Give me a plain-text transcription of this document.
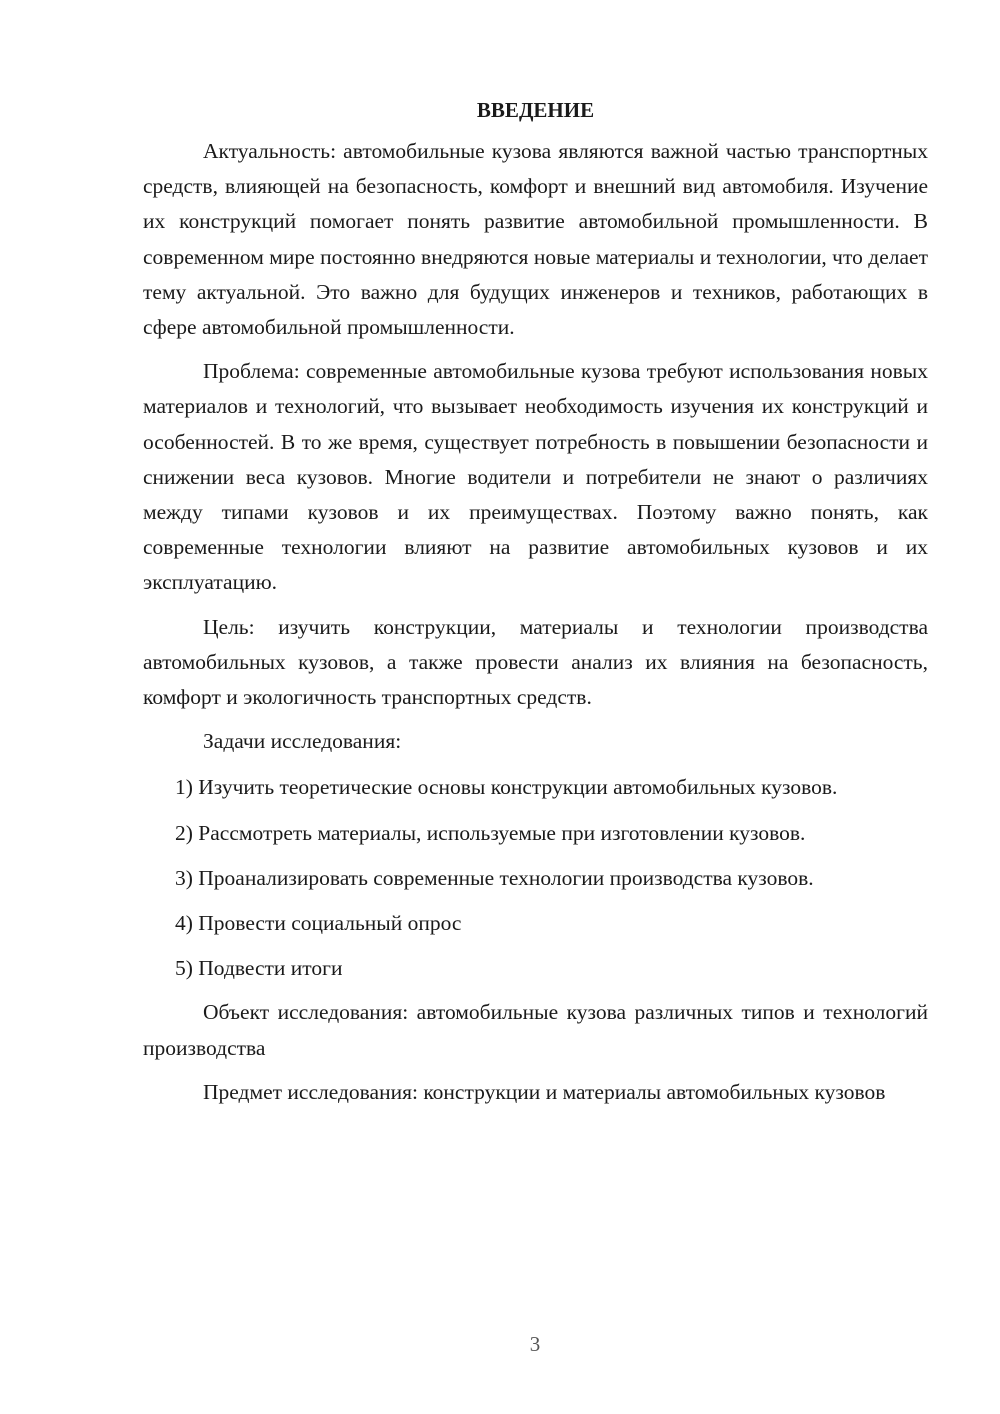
ВВЕДЕНИЕ

Актуальность: автомобильные кузова являются важной частью транспортных средств, влияющей на безопасность, комфорт и внешний вид автомобиля. Изучение их конструкций помогает понять развитие автомобильной промышленности. В современном мире постоянно внедряются новые материалы и технологии, что делает тему актуальной. Это важно для будущих инженеров и техников, работающих в сфере автомобильной промышленности.

Проблема: современные автомобильные кузова требуют использования новых материалов и технологий, что вызывает необходимость изучения их конструкций и особенностей. В то же время, существует потребность в повышении безопасности и снижении веса кузовов. Многие водители и потребители не знают о различиях между типами кузовов и их преимуществах. Поэтому важно понять, как современные технологии влияют на развитие автомобильных кузовов и их эксплуатацию.

Цель: изучить конструкции, материалы и технологии производства автомобильных кузовов, а также провести анализ их влияния на безопасность, комфорт и экологичность транспортных средств.

Задачи исследования:

1) Изучить теоретические основы конструкции автомобильных кузовов.

2) Рассмотреть материалы, используемые при изготовлении кузовов.

3) Проанализировать современные технологии производства кузовов.

4) Провести социальный опрос

5) Подвести итоги

Объект исследования: автомобильные кузова различных типов и технологий производства

Предмет исследования: конструкции и материалы автомобильных кузовов

3
